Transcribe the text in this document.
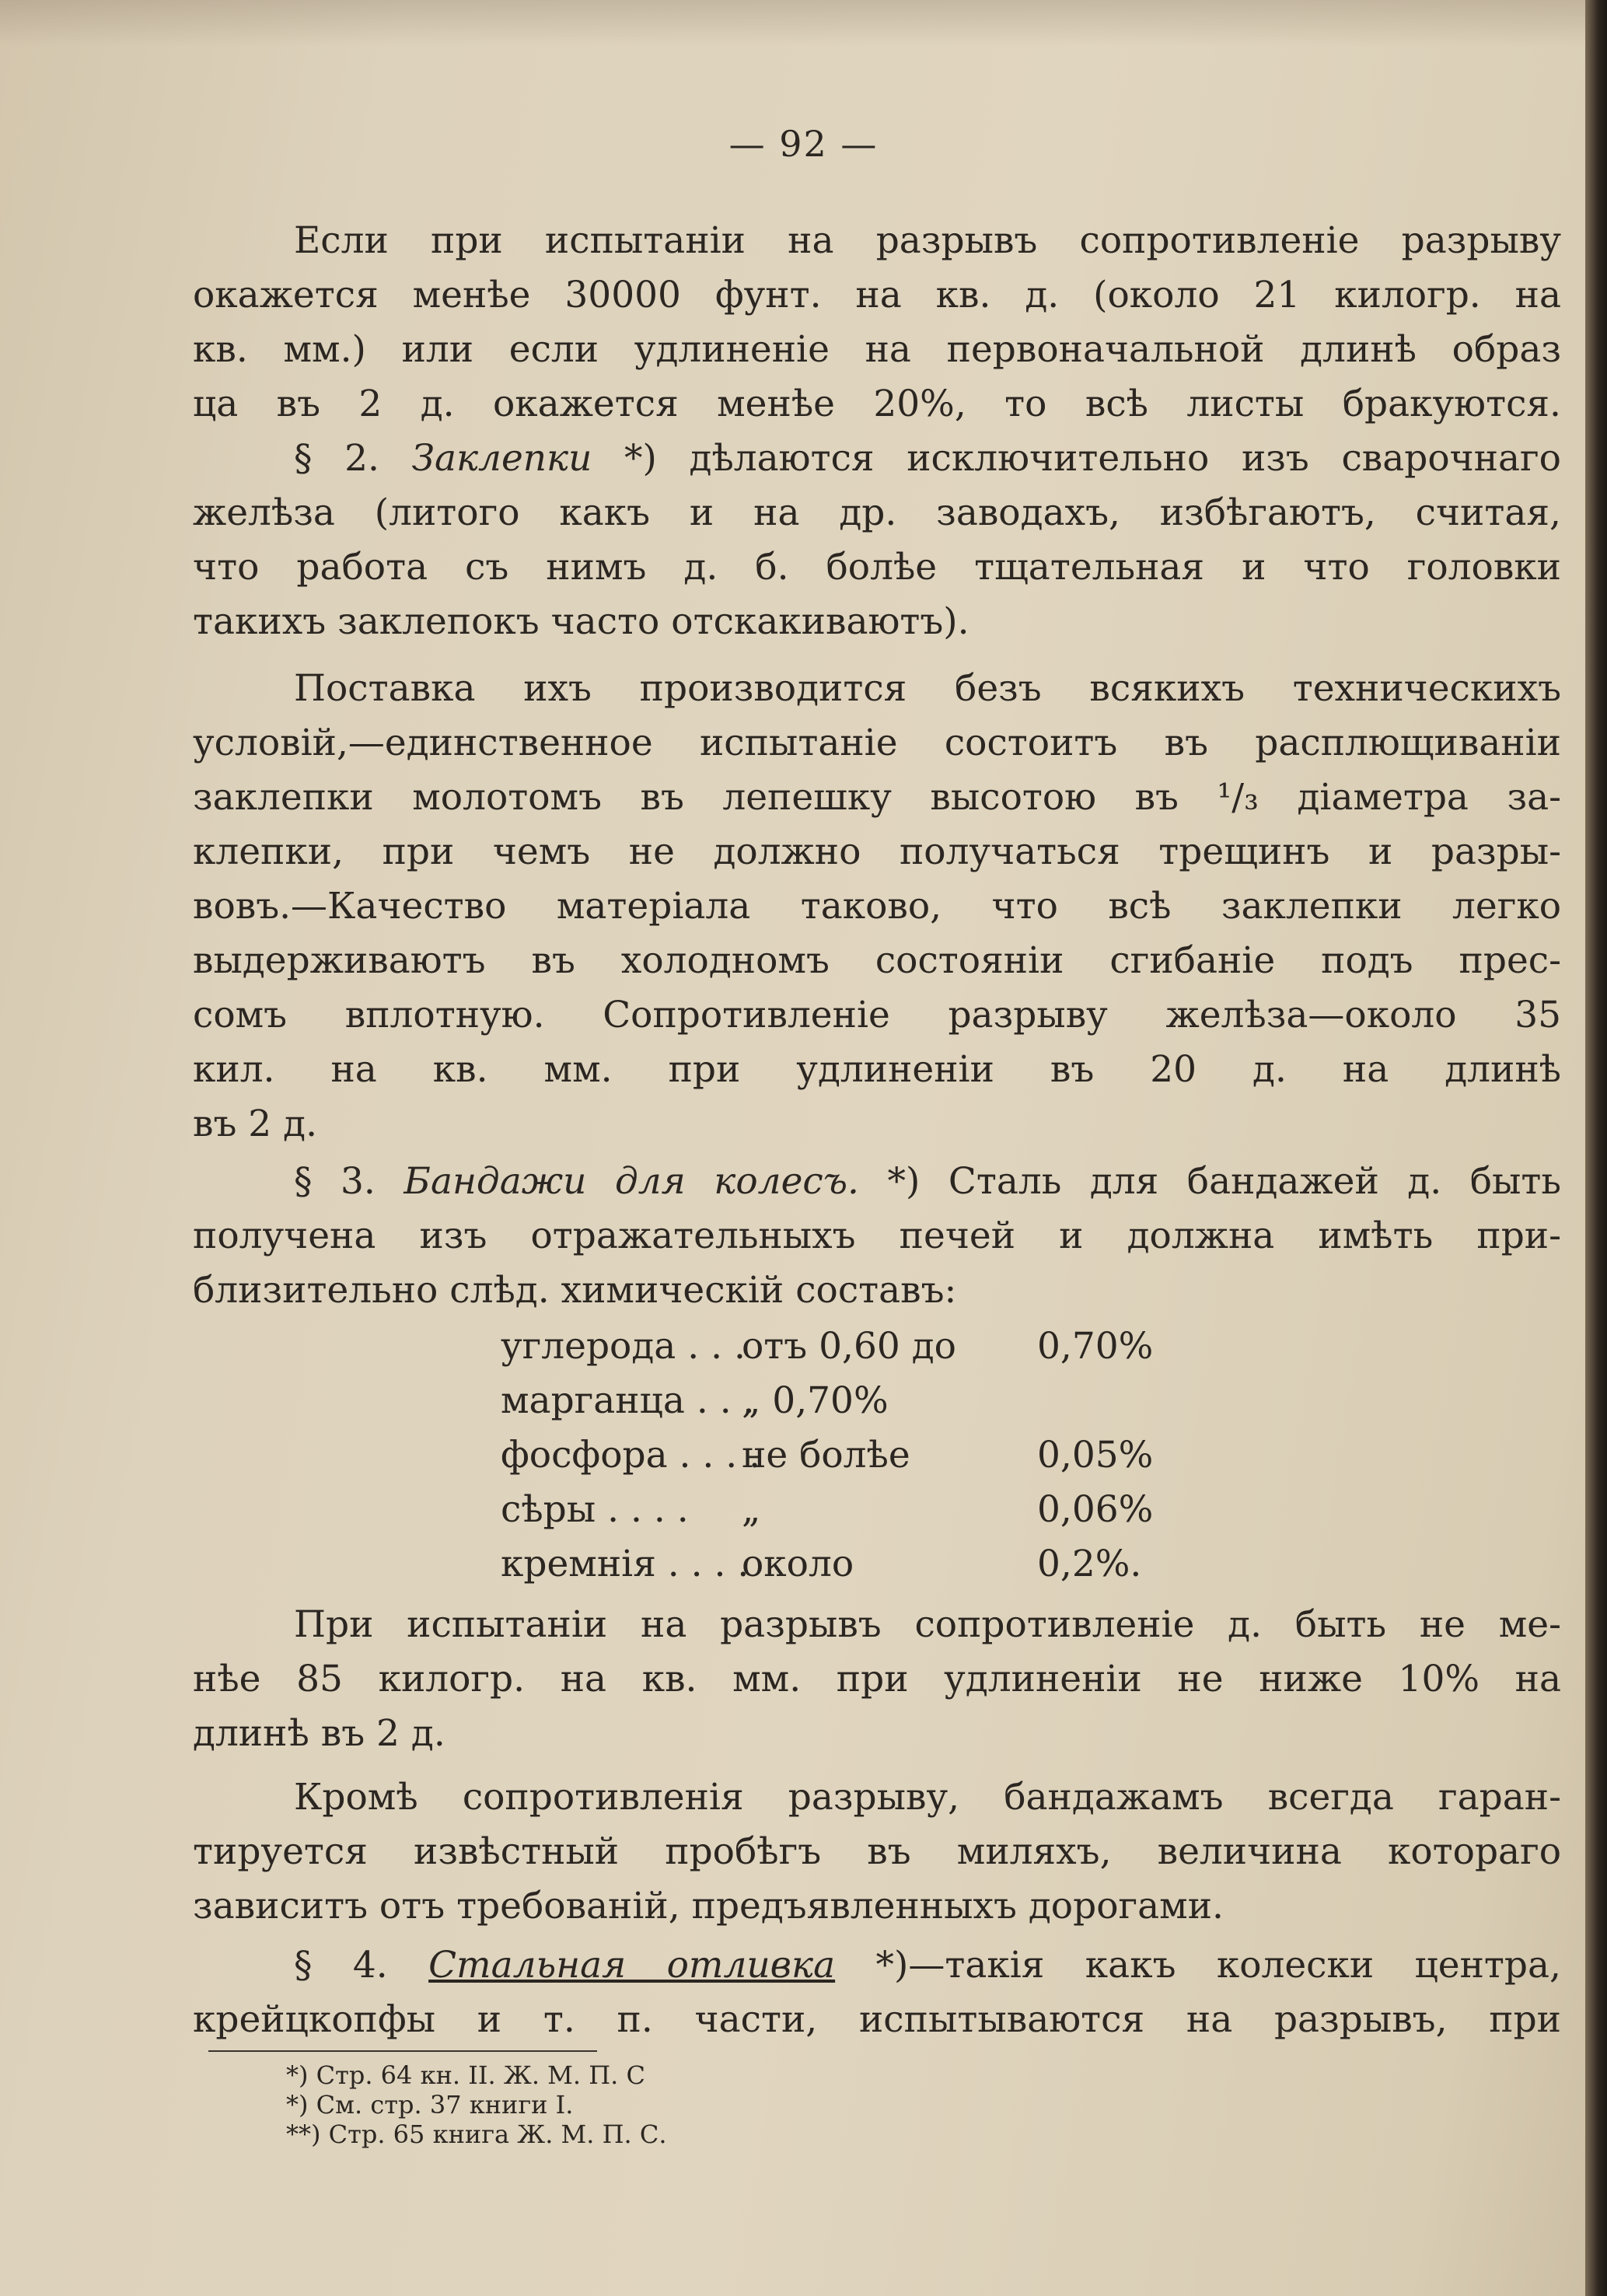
— 92 —
Если при испытаніи на разрывъ сопротивленіе разрыву
окажется менѣе 30000 фунт. на кв. д. (около 21 килогр. на
кв. мм.) или если удлиненіе на первоначальной длинѣ образ
ца въ 2 д. окажется менѣе 20%, то всѣ листы бракуются.
§ 2. Заклепки *) дѣлаются исключительно изъ сварочнаго
желѣза (литого какъ и на др. заводахъ, избѣгаютъ, считая,
что работа съ нимъ д. б. болѣе тщательная и что головки
такихъ заклепокъ часто отскакиваютъ).
Поставка ихъ производится безъ всякихъ техническихъ
условій,—единственное испытаніе состоитъ въ расплющиваніи
заклепки молотомъ въ лепешку высотою въ ¹/₃ діаметра за-
клепки, при чемъ не должно получаться трещинъ и разры-
вовъ.—Качество матеріала таково, что всѣ заклепки легко
выдерживаютъ въ холодномъ состояніи сгибаніе подъ прес-
сомъ вплотную. Сопротивленіе разрыву желѣза—около 35
кил. на кв. мм. при удлиненіи въ 20 д. на длинѣ
въ 2 д.
§ 3. Бандажи для колесъ. *) Сталь для бандажей д. быть
получена изъ отражательныхъ печей и должна имѣть при-
близительно слѣд. химическій составъ:
углерода . . .отъ 0,60 до 0,70%
марганца . . .„ 0,70%
фосфора . . . .не болѣе	0,05%
сѣры . . . . „	0,06%
кремнія . . . .около	0,2%.
При испытаніи на разрывъ сопротивленіе д. быть не ме-
нѣе 85 килогр. на кв. мм. при удлиненіи не ниже 10% на
длинѣ въ 2 д.
Кромѣ сопротивленія разрыву, бандажамъ всегда гаран-
тируется извѣстный пробѣгъ въ миляхъ, величина котораго
зависитъ отъ требованій, предъявленныхъ дорогами.
§ 4. Стальная отливка *)—такія какъ колески центра,
крейцкопфы и т. п. части, испытываются на разрывъ, при
*) Стр. 64 кн. II. Ж. М. П. С
*) См. стр. 37 книги I.
**) Стр. 65 книга Ж. М. П. С.
